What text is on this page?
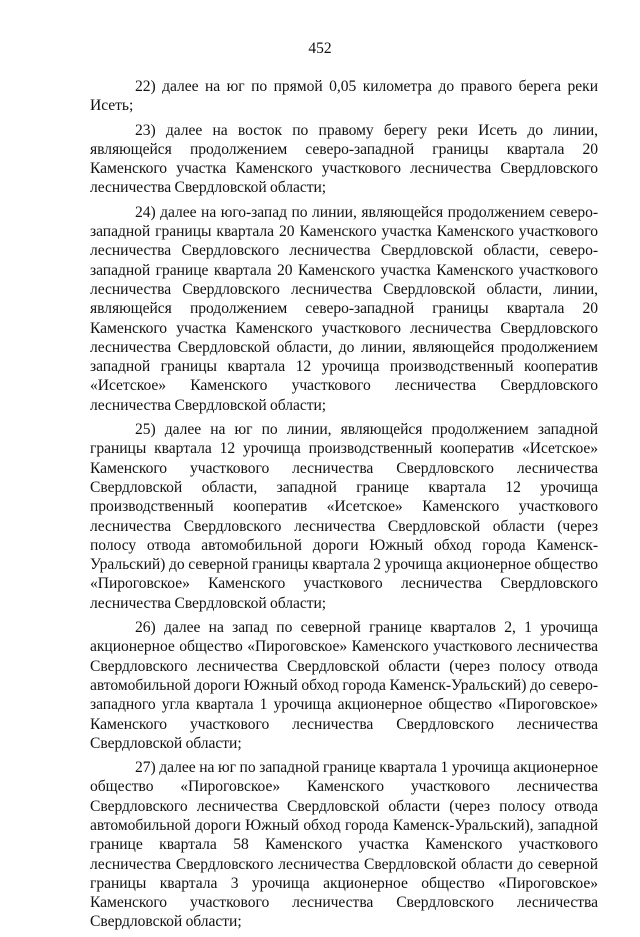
452

22) далее на юг по прямой 0,05 километра до правого берега реки Исеть;

23) далее на восток по правому берегу реки Исеть до линии, являющейся продолжением северо-западной границы квартала 20 Каменского участка Каменского участкового лесничества Свердловского лесничества Свердловской области;

24) далее на юго-запад по линии, являющейся продолжением северо-западной границы квартала 20 Каменского участка Каменского участкового лесничества Свердловского лесничества Свердловской области, северо-западной границе квартала 20 Каменского участка Каменского участкового лесничества Свердловского лесничества Свердловской области, линии, являющейся продолжением северо-западной границы квартала 20 Каменского участка Каменского участкового лесничества Свердловского лесничества Свердловской области, до линии, являющейся продолжением западной границы квартала 12 урочища производственный кооператив «Исетское» Каменского участкового лесничества Свердловского лесничества Свердловской области;

25) далее на юг по линии, являющейся продолжением западной границы квартала 12 урочища производственный кооператив «Исетское» Каменского участкового лесничества Свердловского лесничества Свердловской области, западной границе квартала 12 урочища производственный кооператив «Исетское» Каменского участкового лесничества Свердловского лесничества Свердловской области (через полосу отвода автомобильной дороги Южный обход города Каменск-Уральский) до северной границы квартала 2 урочища акционерное общество «Пироговское» Каменского участкового лесничества Свердловского лесничества Свердловской области;

26) далее на запад по северной границе кварталов 2, 1 урочища акционерное общество «Пироговское» Каменского участкового лесничества Свердловского лесничества Свердловской области (через полосу отвода автомобильной дороги Южный обход города Каменск-Уральский) до северо-западного угла квартала 1 урочища акционерное общество «Пироговское» Каменского участкового лесничества Свердловского лесничества Свердловской области;

27) далее на юг по западной границе квартала 1 урочища акционерное общество «Пироговское» Каменского участкового лесничества Свердловского лесничества Свердловской области (через полосу отвода автомобильной дороги Южный обход города Каменск-Уральский), западной границе квартала 58 Каменского участка Каменского участкового лесничества Свердловского лесничества Свердловской области до северной границы квартала 3 урочища акционерное общество «Пироговское» Каменского участкового лесничества Свердловского лесничества Свердловской области;
